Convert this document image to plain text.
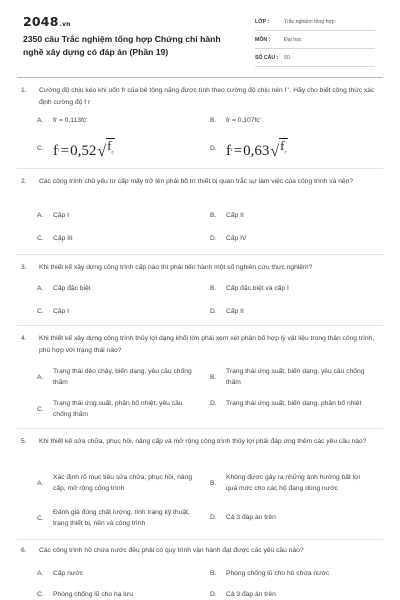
2048.vn
2350 câu Trắc nghiệm tổng hợp Chứng chỉ hành nghề xây dựng có đáp án (Phần 19)
LỚP :	Trắc nghiệm tổng hợp
MÔN :	Đại học
SỐ CÂU :	50
1.	Cường độ chịu kéo khi uốn fr của bê tông nặng được tính theo cường độ chịu nén f '. Hãy cho biết công thức xác định cường độ f r
A.	fr = 0,113fc'	B.	fr = 0,107fc'
C. f r = 0,52 √ $f_c$
D. f r = 0,63 √ $f_c$
2.	Các công trình chủ yếu từ cấp mấy trở lên phải bố trí thiết bị quan trắc sự làm việc của công trình và nền?
A.	Cấp I	B.	Cấp II
C.	Cấp III	D.	Cấp IV
3.	Khi thiết kế xây dựng công trình cấp nào thì phải tiến hành một số nghiên cứu thực nghiệm?
A.	Cấp đặc biệt	B.	Cấp đặc biệt và cấp I
C.	Cấp I	D.	Cấp II
4.	Khi thiết kế xây dựng công trình thủy lợi dạng khối lớn phải xem xét phân bố hợp lý vật liệu trong thân công trình, phù hợp với trạng thái nào?
A.
Trạng thái dẻo chảy, biến dạng, yêu cầu chống thấm
B.
Trạng thái ứng suất, biến dạng, yêu cầu chống thấm
C.
Trạng thái ứng suất, phân bố nhiệt, yêu cầu chống thấm
D.	Trạng thái ứng suất, biến dạng, phân bố nhiệt
5.	Khi thiết kế sửa chữa, phục hồi, nâng cấp và mở rộng công trình thủy lợi phải đáp ứng thêm các yêu cầu nào?
A.
Xác định rõ mục tiêu sửa chữa, phục hồi, nâng cấp, mở rộng công trình
B.
Không được gây ra những ảnh hưởng bất lợi quá mức cho các hộ đang dùng nước
C.
Đánh giá đúng chất lượng, tình trạng kỹ thuật, trang thiết bị, nền và công trình
D.	Cả 3 đáp án trên
6.	Các công trình hồ chứa nước đều phải có quy trình vận hành đạt được các yêu cầu nào?
A.	Cấp nước	B.	Phòng chống lũ cho hồ chứa nước
C.	Phòng chống lũ cho hạ lưu	D.	Cả 3 đáp án trên
